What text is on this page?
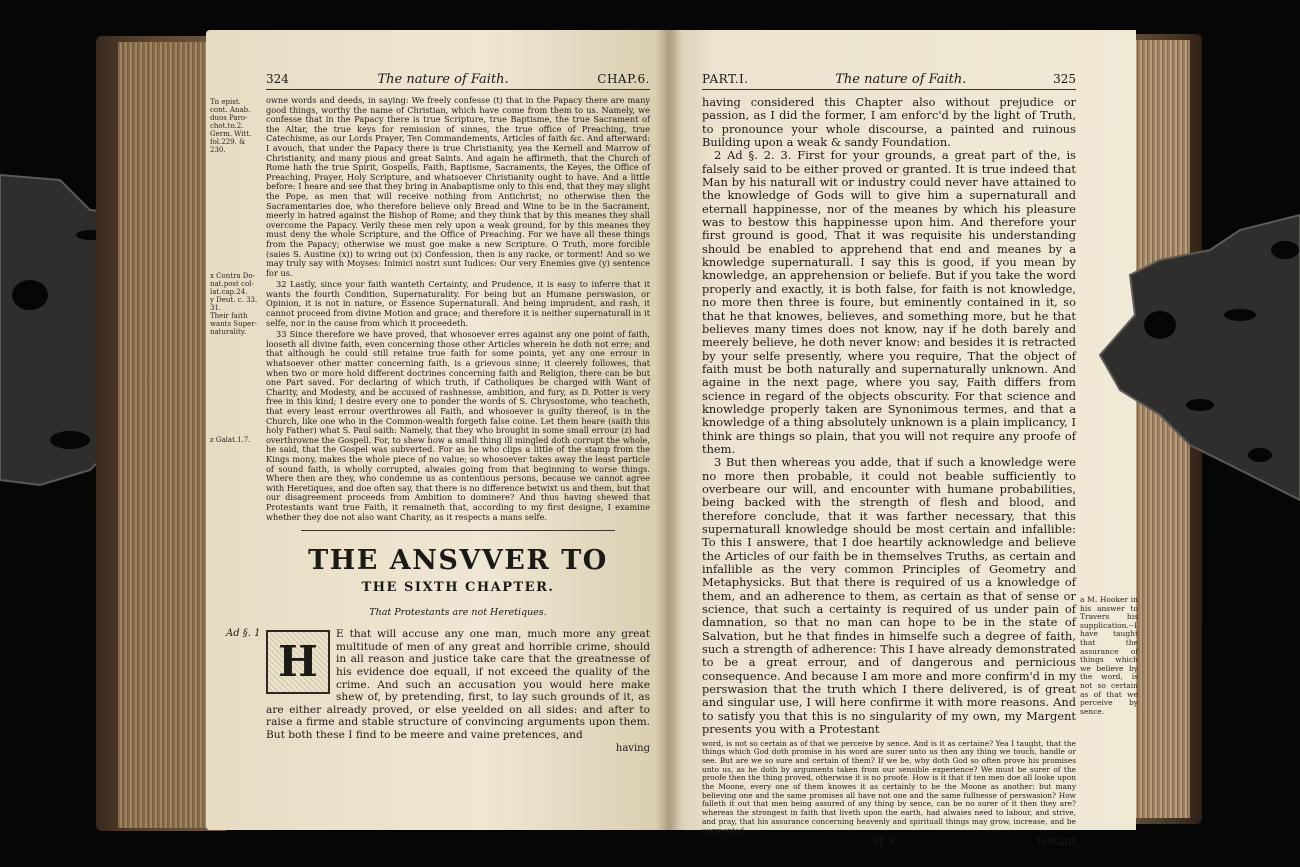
324	The nature of Faith.	CHAP.6.
Tn epist.
cont. Anab.
duos Paro-
chot.to.2.
Germ. Witt.
fol.229. &
230.
x Contra Do-
nat.post col-
lat.cap.24.
y Deut. c. 33.
31.
Their faith
wants Super-
naturality.
z Galat.1.7.

owne words and deeds, in saying: We freely confesse (t) that in the Papacy there are many good things, worthy the name of Christian, which have come from them to us. Namely, we confesse that in the Papacy there is true Scripture, true Baptisme, the true Sacrament of the Altar, the true keys for remission of sinnes, the true office of Preaching, true Catechisme, as our Lords Prayer, Ten Commandements, Articles of faith &c. And afterward: I avouch, that under the Papacy there is true Christianity, yea the Kernell and Marrow of Christianity, and many pious and great Saints. And again he affirmeth, that the Church of Rome hath the true Spirit, Gospells, Faith, Baptisme, Sacraments, the Keyes, the Office of Preaching, Prayer, Holy Scripture, and whatsoever Christianity ought to have. And a little before: I heare and see that they bring in Anabaptisme only to this end, that they may slight the Pope, as men that will receive nothing from Antichrist; no otherwise then the Sacramentaries doe, who therefore believe only Bread and Wine to be in the Sacrament, meerly in hatred against the Bishop of Rome; and they think that by this meanes they shall overcome the Papacy. Verily these men rely upon a weak ground, for by this meanes they must deny the whole Scripture, and the Office of Preaching. For we have all these things from the Papacy; otherwise we must goe make a new Scripture. O Truth, more forcible (saies S. Austine (x)) to wring out (x) Confession, then is any racke, or torment! And so we may truly say with Moyses: Inimici nostri sunt Iudices: Our very Enemies give (y) sentence for us.

32 Lastly, since your faith wanteth Certainty, and Prudence, it is easy to inferre that it wants the fourth Condition, Supernaturality. For being but an Humane perswasion, or Opinion, it is not in nature, or Essence Supernaturall. And being imprudent, and rash, it cannot proceed from divine Motion and grace; and therefore it is neither supernaturall in it selfe, nor in the cause from which it proceedeth.

33 Since therefore we have proved, that whosoever erres against any one point of faith, looseth all divine faith, even concerning those other Articles wherein he doth not erre; and that although he could still retaine true faith for some points, yet any one errour in whatsoever other matter concerning faith, is a grievous sinne; it cleerely followes, that when two or more hold different doctrines concerning faith and Religion, there can be but one Part saved. For declaring of which truth, if Catholiques be charged with Want of Charity, and Modesty, and be accused of rashnesse, ambition, and fury, as D. Potter is very free in this kind; I desire every one to ponder the words of S. Chrysostome, who teacheth, that every least errour overthrowes all Faith, and whosoever is guilty thereof, is in the Church, like one who in the Common-wealth forgeth false coine. Let them heare (saith this holy Father) what S. Paul saith: Namely, that they who brought in some small errour (z) had overthrowne the Gospell. For, to shew how a small thing ill mingled doth corrupt the whole, he said, that the Gospel was subverted. For as he who clips a little of the stamp from the Kings mony, makes the whole piece of no value; so whosoever takes away the least particle of sound faith, is wholly corrupted, alwaies going from that beginning to worse things. Where then are they, who condemne us as contentious persons, because we cannot agree with Heretiques, and doe often say, that there is no difference betwixt us and them, but that our disagreement proceeds from Ambition to dominere? And thus having shewed that Protestants want true Faith, it remaineth that, according to my first designe, I examine whether they doe not also want Charity, as it respects a mans selfe.

THE ANSVVER TO
THE SIXTH CHAPTER.
That Protestants are not Heretiques.
Ad §. 1
H
E that will accuse any one man, much more any great multitude of men of any great and horrible crime, should in all reason and justice take care that the greatnesse of his evidence doe equall, if not exceed the quality of the crime. And such an accusation you would here make shew of, by pretending, first, to lay such grounds of it, as are either already proved, or else yeelded on all sides: and after to raise a firme and stable structure of convincing arguments upon them. But both these I find to be meere and vaine pretences, and
having
PART.I.	The nature of Faith.	325
a M. Hooker in his answer to Travers his supplication.--I have taught that the assurance of things which we believe by the word, is not so certain as of that we perceive by sence.

having considered this Chapter also without prejudice or passion, as I did the former, I am enforc'd by the light of Truth, to pronounce your whole discourse, a painted and ruinous Building upon a weak & sandy Foundation.

2 Ad §. 2. 3. First for your grounds, a great part of the, is falsely said to be either proved or granted. It is true indeed that Man by his naturall wit or industry could never have attained to the knowledge of Gods will to give him a supernaturall and eternall happinesse, nor of the meanes by which his pleasure was to bestow this happinesse upon him. And therefore your first ground is good, That it was requisite his understanding should be enabled to apprehend that end and meanes by a knowledge supernaturall. I say this is good, if you mean by knowledge, an apprehension or beliefe. But if you take the word properly and exactly, it is both false, for faith is not knowledge, no more then three is foure, but eminently contained in it, so that he that knowes, believes, and something more, but he that believes many times does not know, nay if he doth barely and meerely believe, he doth never know: and besides it is retracted by your selfe presently, where you require, That the object of faith must be both naturally and supernaturally unknown. And againe in the next page, where you say, Faith differs from science in regard of the objects obscurity. For that science and knowledge properly taken are Synonimous termes, and that a knowledge of a thing absolutely unknown is a plain implicancy, I think are things so plain, that you will not require any proofe of them.

3 But then whereas you adde, that if such a knowledge were no more then probable, it could not beable sufficiently to overbeare our will, and encounter with humane probabilities, being backed with the strength of flesh and blood, and therefore conclude, that it was farther necessary, that this supernaturall knowledge should be most certain and infallible: To this I answere, that I doe heartily acknowledge and believe the Articles of our faith be in themselves Truths, as certain and infallible as the very common Principles of Geometry and Metaphysicks. But that there is required of us a knowledge of them, and an adherence to them, as certain as that of sense or science, that such a certainty is required of us under pain of damnation, so that no man can hope to be in the state of Salvation, but he that findes in himselfe such a degree of faith, such a strength of adherence: This I have already demonstrated to be a great errour, and of dangerous and pernicious consequence. And because I am more and more confirm'd in my perswasion that the truth which I there delivered, is of great and singular use, I will here confirme it with more reasons. And to satisfy you that this is no singularity of my own, my Margent presents you with a Protestant

word, is not so certain as of that we perceive by sence. And is it as certaine? Yea I taught, that the things which God doth promise in his word are surer unto us then any thing we touch, handle or see. But are we so sure and certain of them? If we be, why doth God so often prove his promises unto us, as he doth by arguments taken from our sensible experience? We must be surer of the proofe then the thing proved, otherwise it is no proofe. How is it that if ten men doe all looke upon the Moone, every one of them knowes it as certainly to be the Moone as another: but many believing one and the same promises all have not one and the same fullnesse of perswasion? How falleth it out that men being assured of any thing by sence, can be no surer of it then they are? whereas the strongest in faith that liveth upon the earth, had alwaies need to labour, and strive, and pray, that his assurance concerning heavenly and spirituall things may grow, increase, and be augmented.
Sf 3	testant
